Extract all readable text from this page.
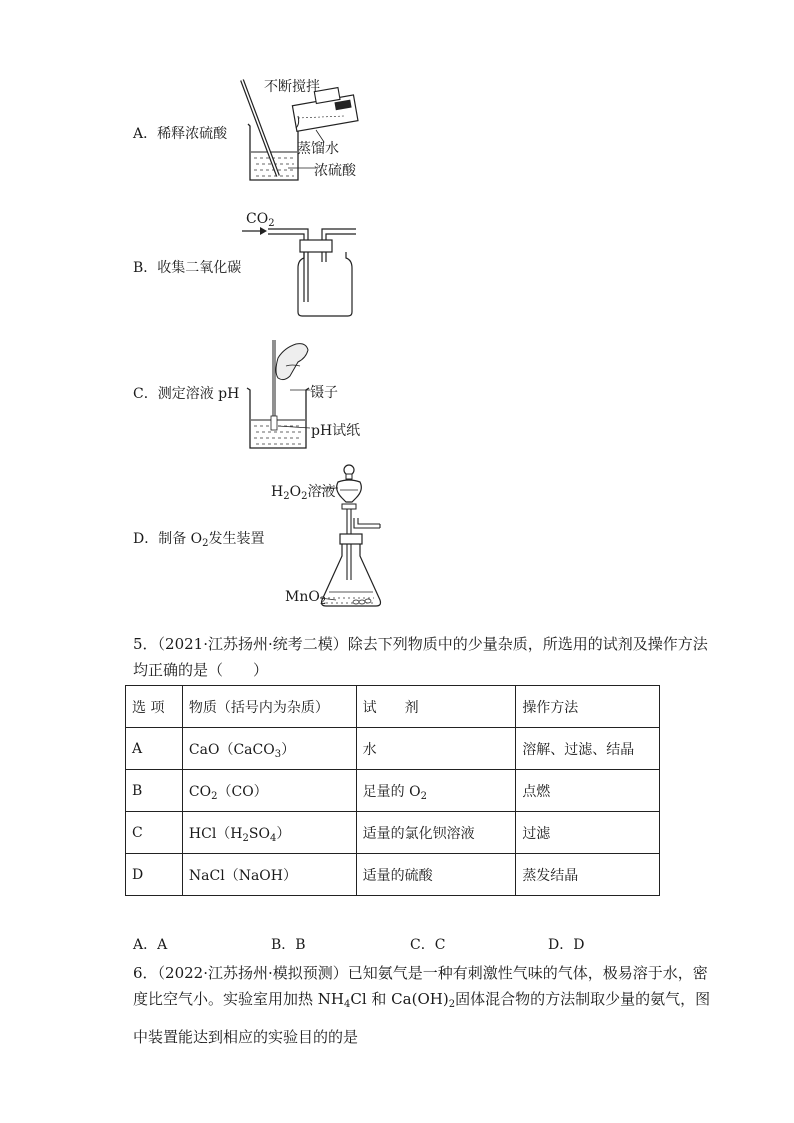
A．稀释浓硫酸
不断搅拌
蒸馏水
浓硫酸
B．收集二氧化碳
$CO_2$
C．测定溶液 pH	镊子
pH试纸
D．制备 $O_2$发生装置
$H_2O_2$溶液
MnO$_2$
5．（2021·江苏扬州·统考二模）除去下列物质中的少量杂质，所选用的试剂及操作方法
均正确的是（　　）
选 项	物质（括号内为杂质）	试　　剂	操作方法
A	CaO（CaCO$_3$）	水	溶解、过滤、结晶
B	$CO_2(CO)$	足量的 $O_2$	点燃
C	$HCl(H_2SO_4)$	适量的氯化钡溶液	过滤
D	NaCl（NaOH）	适量的硫酸	蒸发结晶
A．A	B．B	C．C	D．D
6．（2022·江苏扬州·模拟预测）已知氨气是一种有刺激性气味的气体，极易溶于水，密
度比空气小。实验室用加热 $NH_4Cl$ 和 $Ca(OH)_2$固体混合物的方法制取少量的氨气，图
中装置能达到相应的实验目的的是
